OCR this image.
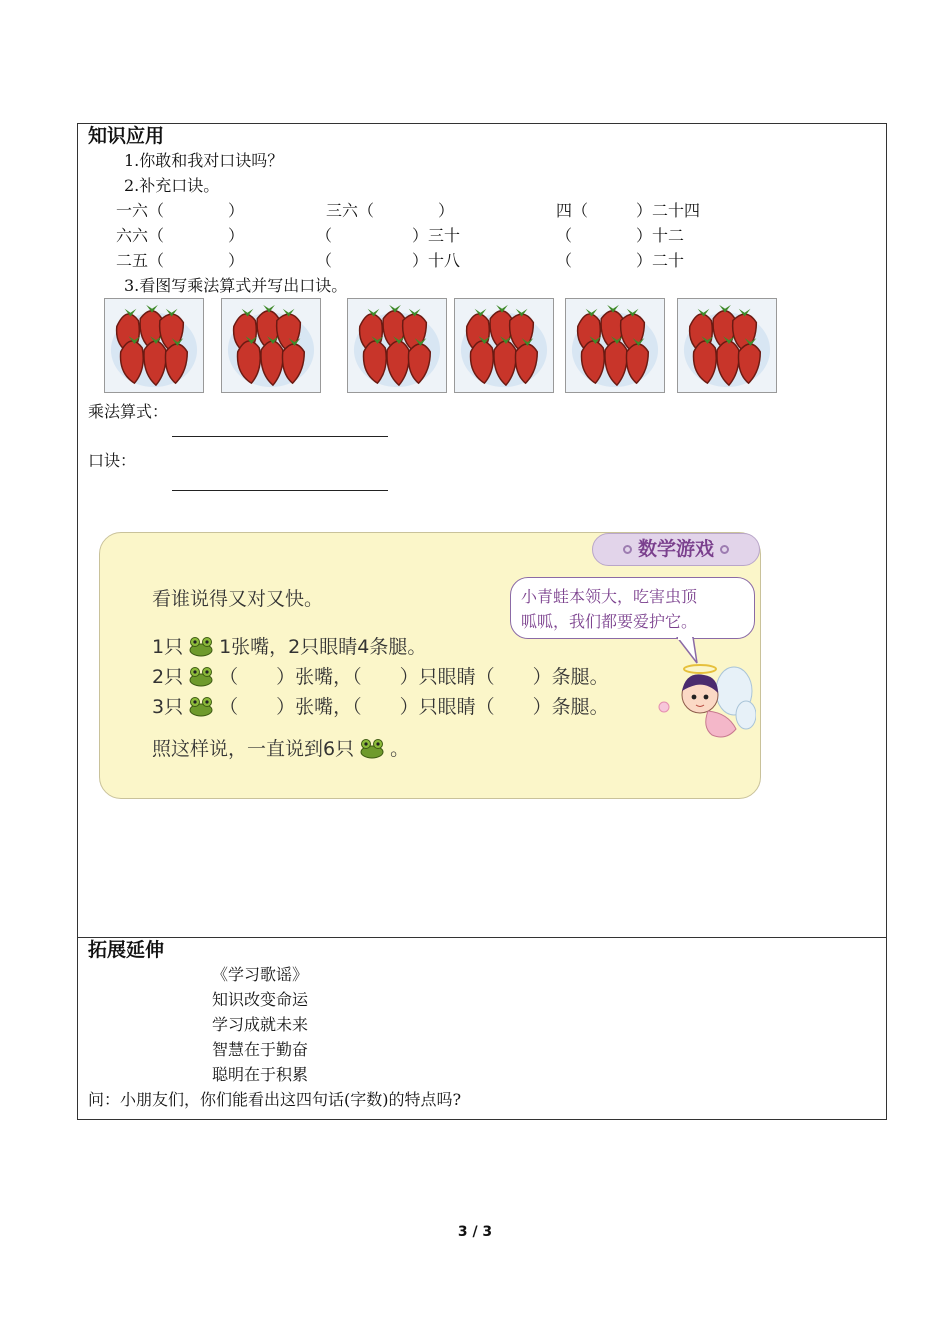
知识应用
1.你敢和我对口诀吗？
2.补充口诀。
一六（　　　　）	三六（　　　　）	四（　　　）二十四
六六（　　　　）	（　　　　　）三十	（　　　　）十二
二五（　　　　）	（　　　　　）十八	（　　　　）二十
3.看图写乘法算式并写出口诀。
乘法算式：
口诀：
数学游戏
看谁说得又对又快。
1只 1张嘴，2只眼睛4条腿。
2只 （　　）张嘴，（　　）只眼睛（　　）条腿。
3只 （　　）张嘴，（　　）只眼睛（　　）条腿。
照这样说，一直说到6只 。
小青蛙本领大，吃害虫顶
呱呱，我们都要爱护它。
拓展延伸
《学习歌谣》
知识改变命运
学习成就未来
智慧在于勤奋
聪明在于积累
问：小朋友们，你们能看出这四句话(字数)的特点吗?
3 / 3
